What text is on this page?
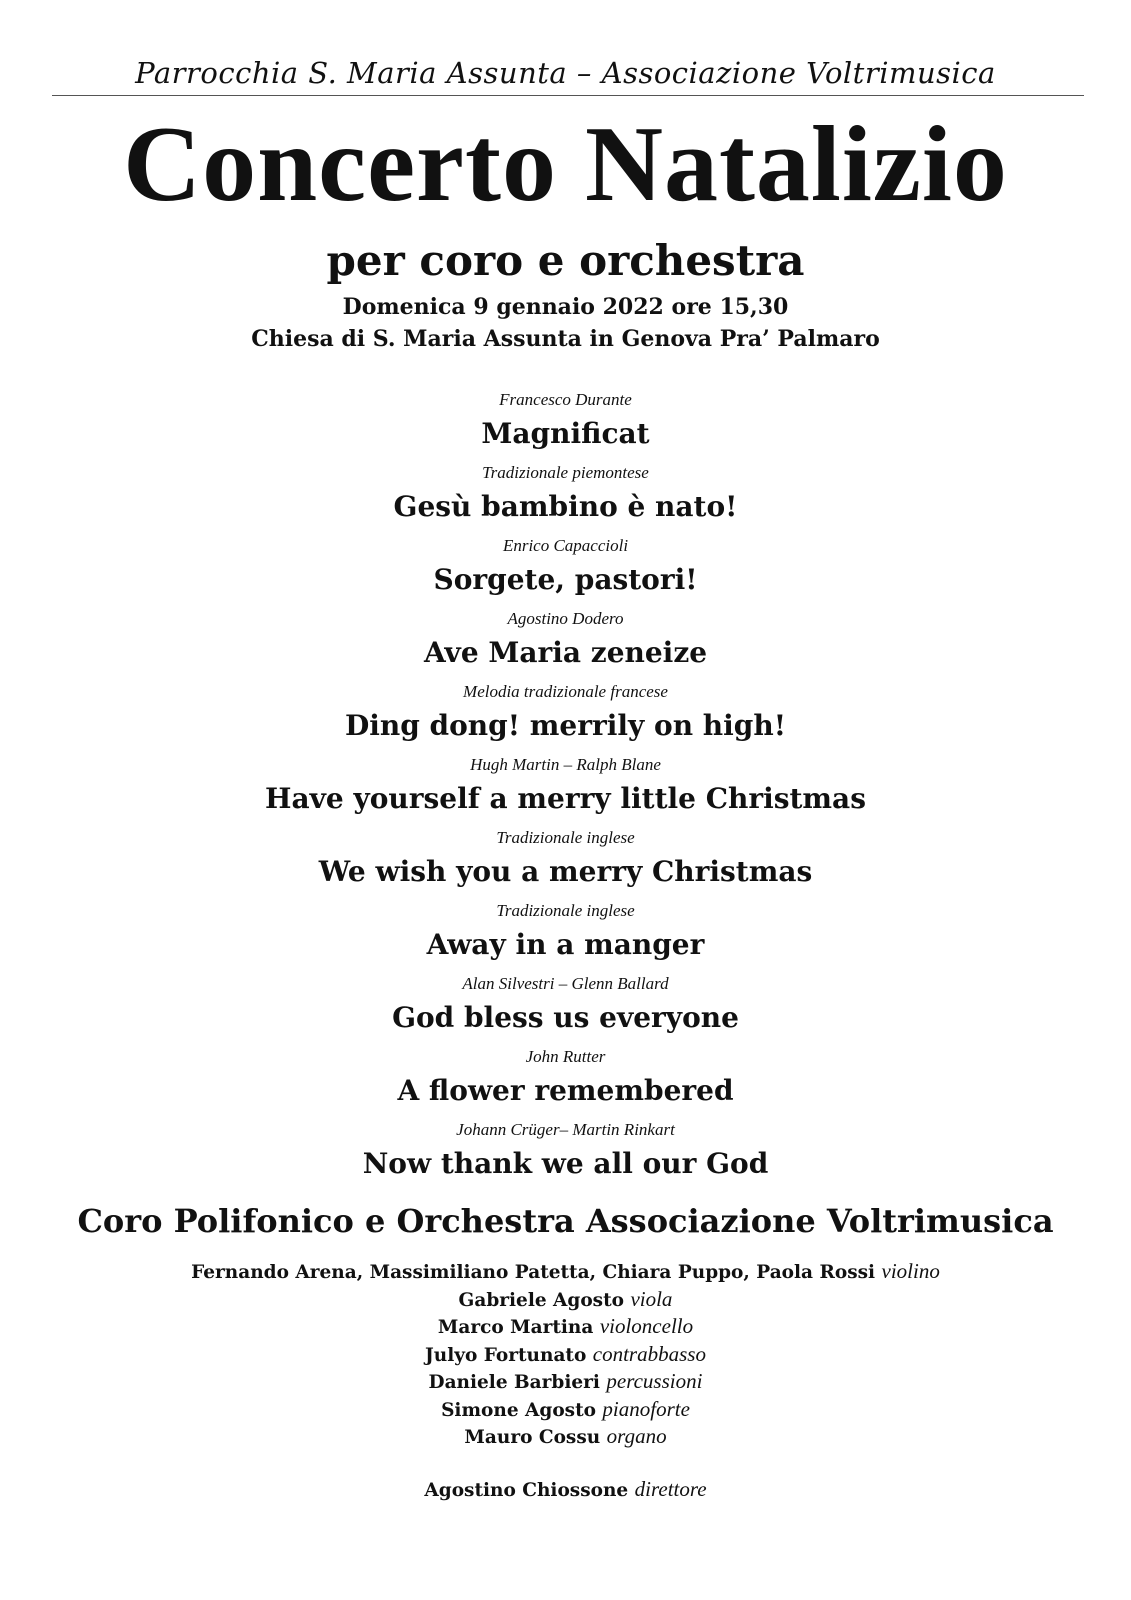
Parrocchia S. Maria Assunta – Associazione Voltrimusica
Concerto Natalizio
per coro e orchestra
Domenica 9 gennaio 2022 ore 15,30
Chiesa di S. Maria Assunta in Genova Pra’ Palmaro
Francesco Durante
Magnificat
Tradizionale piemontese
Gesù bambino è nato!
Enrico Capaccioli
Sorgete, pastori!
Agostino Dodero
Ave Maria zeneize
Melodia tradizionale francese
Ding dong! merrily on high!
Hugh Martin – Ralph Blane
Have yourself a merry little Christmas
Tradizionale inglese
We wish you a merry Christmas
Tradizionale inglese
Away in a manger
Alan Silvestri – Glenn Ballard
God bless us everyone
John Rutter
A flower remembered
Johann Crüger– Martin Rinkart
Now thank we all our God
Coro Polifonico e Orchestra Associazione Voltrimusica
Fernando Arena, Massimiliano Patetta, Chiara Puppo, Paola Rossi violino
Gabriele Agosto viola
Marco Martina violoncello
Julyo Fortunato contrabbasso
Daniele Barbieri percussioni
Simone Agosto pianoforte
Mauro Cossu organo
Agostino Chiossone direttore
